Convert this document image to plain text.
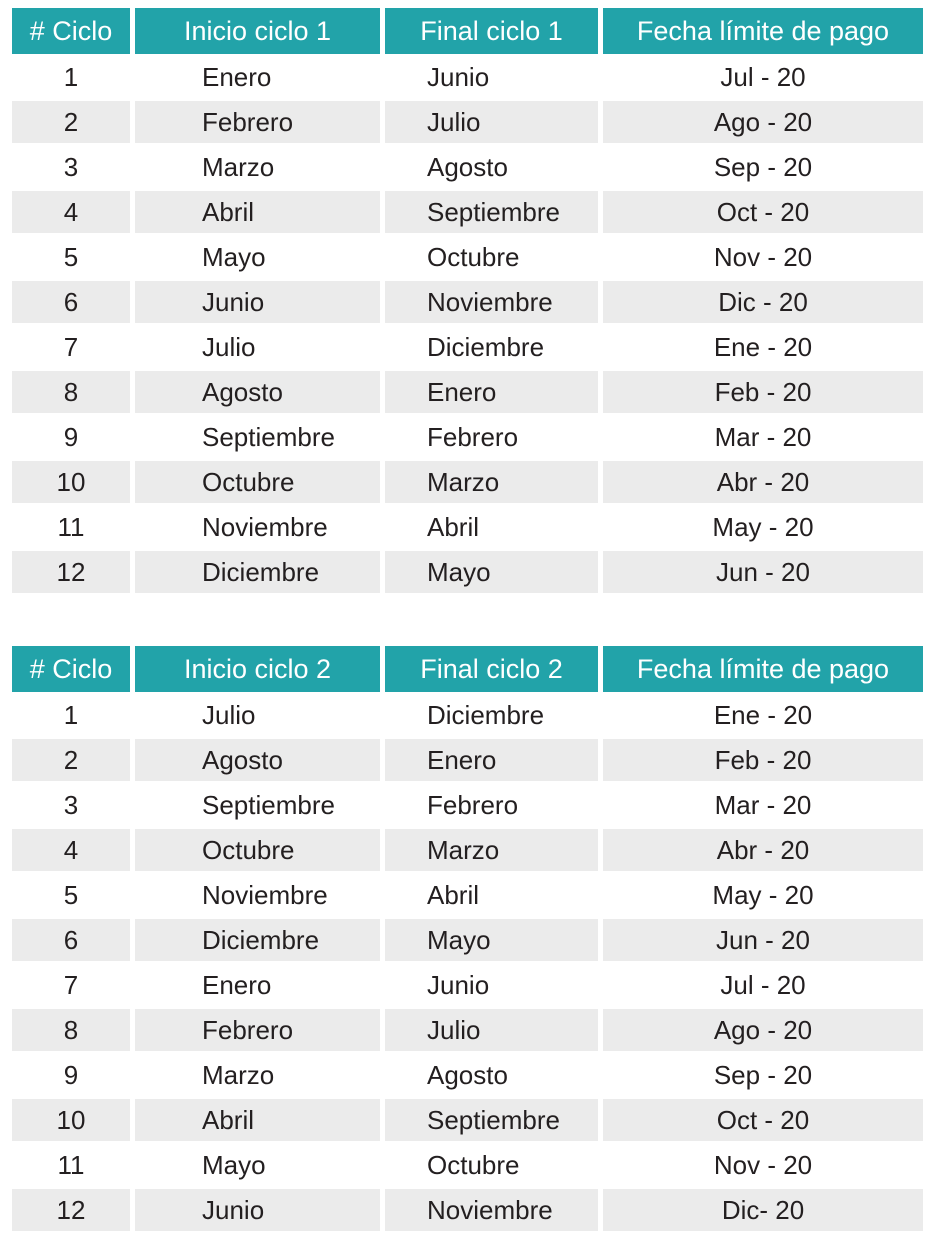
# Ciclo	Inicio ciclo 1	Final ciclo 1	Fecha límite de pago
1	Enero	Junio	Jul - 20
2	Febrero	Julio	Ago - 20
3	Marzo	Agosto	Sep - 20
4	Abril	Septiembre	Oct - 20
5	Mayo	Octubre	Nov - 20
6	Junio	Noviembre	Dic - 20
7	Julio	Diciembre	Ene - 20
8	Agosto	Enero	Feb - 20
9	Septiembre	Febrero	Mar - 20
10	Octubre	Marzo	Abr - 20
11	Noviembre	Abril	May - 20
12	Diciembre	Mayo	Jun - 20
# Ciclo	Inicio ciclo 2	Final ciclo 2	Fecha límite de pago
1	Julio	Diciembre	Ene - 20
2	Agosto	Enero	Feb - 20
3	Septiembre	Febrero	Mar - 20
4	Octubre	Marzo	Abr - 20
5	Noviembre	Abril	May - 20
6	Diciembre	Mayo	Jun - 20
7	Enero	Junio	Jul - 20
8	Febrero	Julio	Ago - 20
9	Marzo	Agosto	Sep - 20
10	Abril	Septiembre	Oct - 20
11	Mayo	Octubre	Nov - 20
12	Junio	Noviembre	Dic- 20
